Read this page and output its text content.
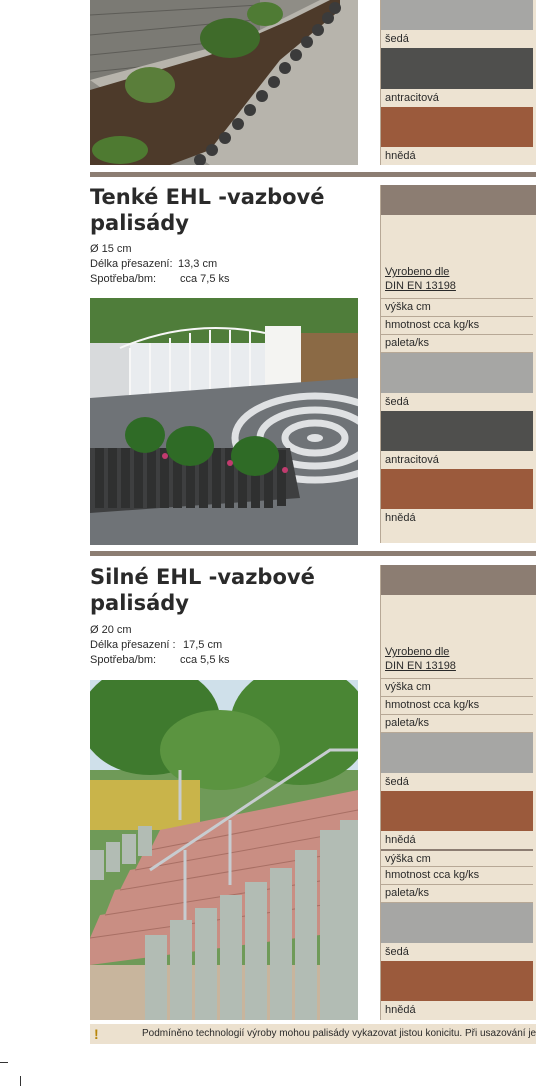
šedá
antracitová
hnědá
Tenké EHL -vazbové
palisády
Ø 15 cm
Délka přesazení: 13,3 cm
Spotřeba/bm: cca 7,5 ks
Vyrobeno dle
DIN EN 13198
výška cm
hmotnost cca kg/ks
paleta/ks
šedá
antracitová
hnědá
Silné EHL -vazbové
palisády
Ø 20 cm
Délka přesazení : 17,5 cm
Spotřeba/bm: cca 5,5 ks
Vyrobeno dle
DIN EN 13198
výška cm
hmotnost cca kg/ks
paleta/ks
šedá
hnědá
výška cm
hmotnost cca kg/ks
paleta/ks
šedá
hnědá
!	Podmíněno technologií výroby mohou palisády vykazovat jistou konicitu. Při usazování je
